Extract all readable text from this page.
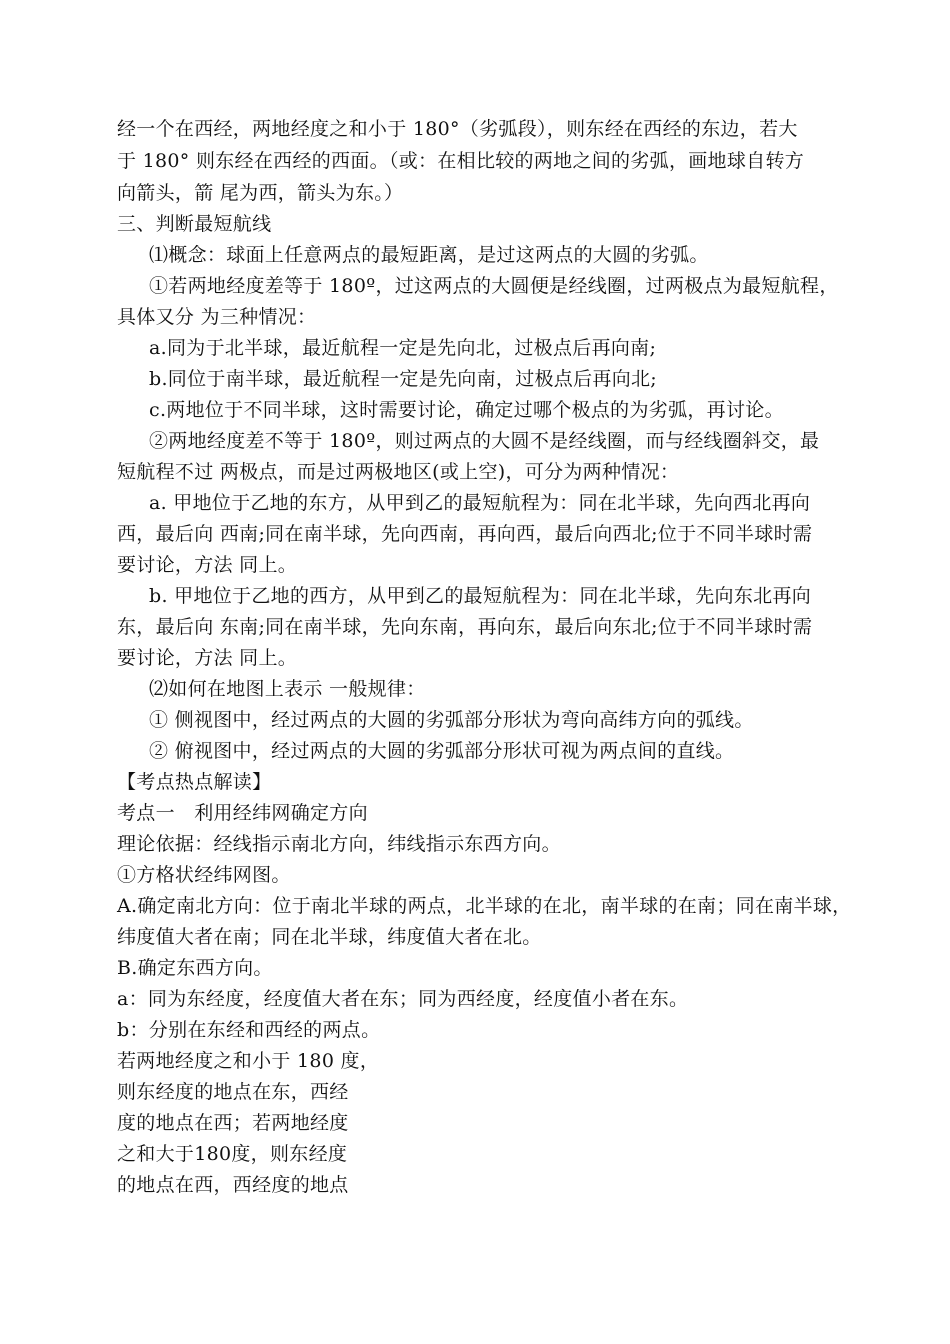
经一个在西经，两地经度之和小于 180°（劣弧段），则东经在西经的东边，若大
于 180° 则东经在西经的西面。（或：在相比较的两地之间的劣弧，画地球自转方
向箭头，箭 尾为西，箭头为东。）
三、判断最短航线
⑴概念：球面上任意两点的最短距离，是过这两点的大圆的劣弧。
①若两地经度差等于 180º，过这两点的大圆便是经线圈，过两极点为最短航程，
具体又分 为三种情况：
a.同为于北半球，最近航程一定是先向北，过极点后再向南;
b.同位于南半球，最近航程一定是先向南，过极点后再向北;
c.两地位于不同半球，这时需要讨论，确定过哪个极点的为劣弧，再讨论。
②两地经度差不等于 180º，则过两点的大圆不是经线圈，而与经线圈斜交，最
短航程不过 两极点，而是过两极地区(或上空)，可分为两种情况：
a. 甲地位于乙地的东方，从甲到乙的最短航程为：同在北半球，先向西北再向
西，最后向 西南;同在南半球，先向西南，再向西，最后向西北;位于不同半球时需
要讨论，方法 同上。
b. 甲地位于乙地的西方，从甲到乙的最短航程为：同在北半球，先向东北再向
东，最后向 东南;同在南半球，先向东南，再向东，最后向东北;位于不同半球时需
要讨论，方法 同上。
⑵如何在地图上表示 一般规律：
① 侧视图中，经过两点的大圆的劣弧部分形状为弯向高纬方向的弧线。
② 俯视图中，经过两点的大圆的劣弧部分形状可视为两点间的直线。
【考点热点解读】
考点一　利用经纬网确定方向
理论依据：经线指示南北方向，纬线指示东西方向。
①方格状经纬网图。
A.确定南北方向：位于南北半球的两点，北半球的在北，南半球的在南；同在南半球，
纬度值大者在南；同在北半球，纬度值大者在北。
B.确定东西方向。
a：同为东经度，经度值大者在东；同为西经度，经度值小者在东。
b：分别在东经和西经的两点。
若两地经度之和小于 180 度，
则东经度的地点在东，西经
度的地点在西；若两地经度
之和大于180度，则东经度
的地点在西，西经度的地点
